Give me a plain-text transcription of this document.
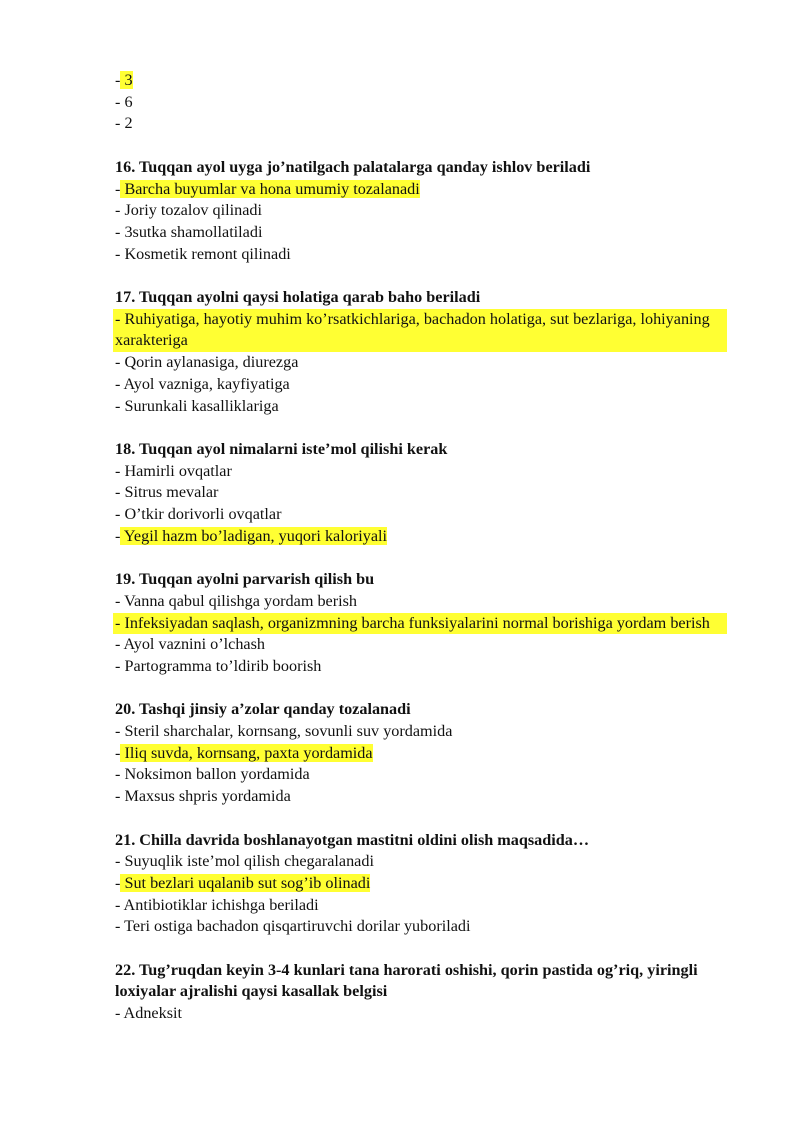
- 3
- 6
- 2
16. Tuqqan ayol uyga jo’natilgach palatalarga qanday ishlov beriladi
- Barcha buyumlar va hona umumiy tozalanadi
- Joriy tozalov qilinadi
- 3sutka shamollatiladi
- Kosmetik remont qilinadi
17. Tuqqan ayolni qaysi holatiga qarab baho beriladi
- Ruhiyatiga, hayotiy muhim ko’rsatkichlariga, bachadon holatiga, sut bezlariga, lohiyaning xarakteriga
- Qorin aylanasiga, diurezga
- Ayol vazniga, kayfiyatiga
- Surunkali kasalliklariga
18. Tuqqan ayol nimalarni iste’mol qilishi kerak
- Hamirli ovqatlar
- Sitrus mevalar
- O’tkir dorivorli ovqatlar
- Yegil hazm bo’ladigan, yuqori kaloriyali
19. Tuqqan ayolni parvarish qilish bu
- Vanna qabul qilishga yordam berish
- Infeksiyadan saqlash, organizmning barcha funksiyalarini normal borishiga yordam berish
- Ayol vaznini o’lchash
- Partogramma to’ldirib boorish
20. Tashqi jinsiy a’zolar qanday tozalanadi
- Steril sharchalar, kornsang, sovunli suv yordamida
- Iliq suvda, kornsang, paxta yordamida
- Noksimon ballon yordamida
- Maxsus shpris yordamida
21. Chilla davrida boshlanayotgan mastitni oldini olish maqsadida…
- Suyuqlik iste’mol qilish chegaralanadi
- Sut bezlari uqalanib sut sog’ib olinadi
- Antibiotiklar ichishga beriladi
- Teri ostiga bachadon qisqartiruvchi dorilar yuboriladi
22. Tug’ruqdan keyin 3-4 kunlari tana harorati oshishi, qorin pastida og’riq, yiringli loxiyalar ajralishi qaysi kasallak belgisi
- Adneksit
